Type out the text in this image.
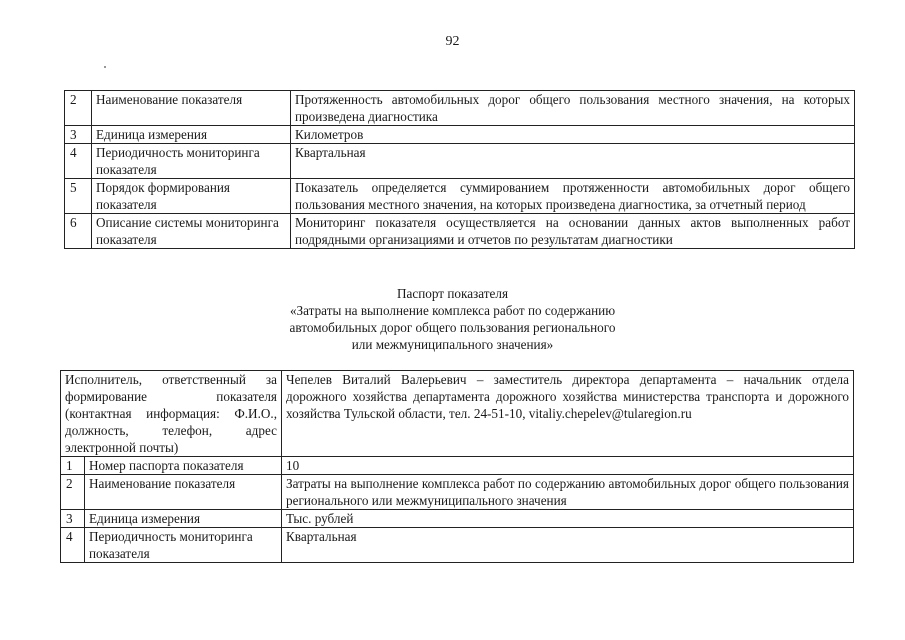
92
2	Наименование показателя	Протяженность автомобильных дорог общего пользования местного значения, на которых произведена диагностика
3	Единица измерения	Километров
4	Периодичность мониторинга показателя	Квартальная
5	Порядок формирования показателя	Показатель определяется суммированием протяженности автомобильных дорог общего пользования местного значения, на которых произведена диагностика, за отчетный период
6	Описание системы мониторинга показателя	Мониторинг показателя осуществляется на основании данных актов выполненных работ подрядными организациями и отчетов по результатам диагностики
Паспорт показателя
«Затраты на выполнение комплекса работ по содержанию
автомобильных дорог общего пользования регионального
или межмуниципального значения»
Исполнитель, ответственный за формирование показателя (контактная информация: Ф.И.О., должность, телефон, адрес электронной почты)		Чепелев Виталий Валерьевич – заместитель директора департамента – начальник отдела дорожного хозяйства департамента дорожного хозяйства министерства транспорта и дорожного хозяйства Тульской области, тел. 24-51-10, vitaliy.chepelev@tularegion.ru
1	Номер паспорта показателя	10
2	Наименование показателя	Затраты на выполнение комплекса работ по содержанию автомобильных дорог общего пользования регионального или межмуниципального значения
3	Единица измерения	Тыс. рублей
4	Периодичность мониторинга показателя	Квартальная
